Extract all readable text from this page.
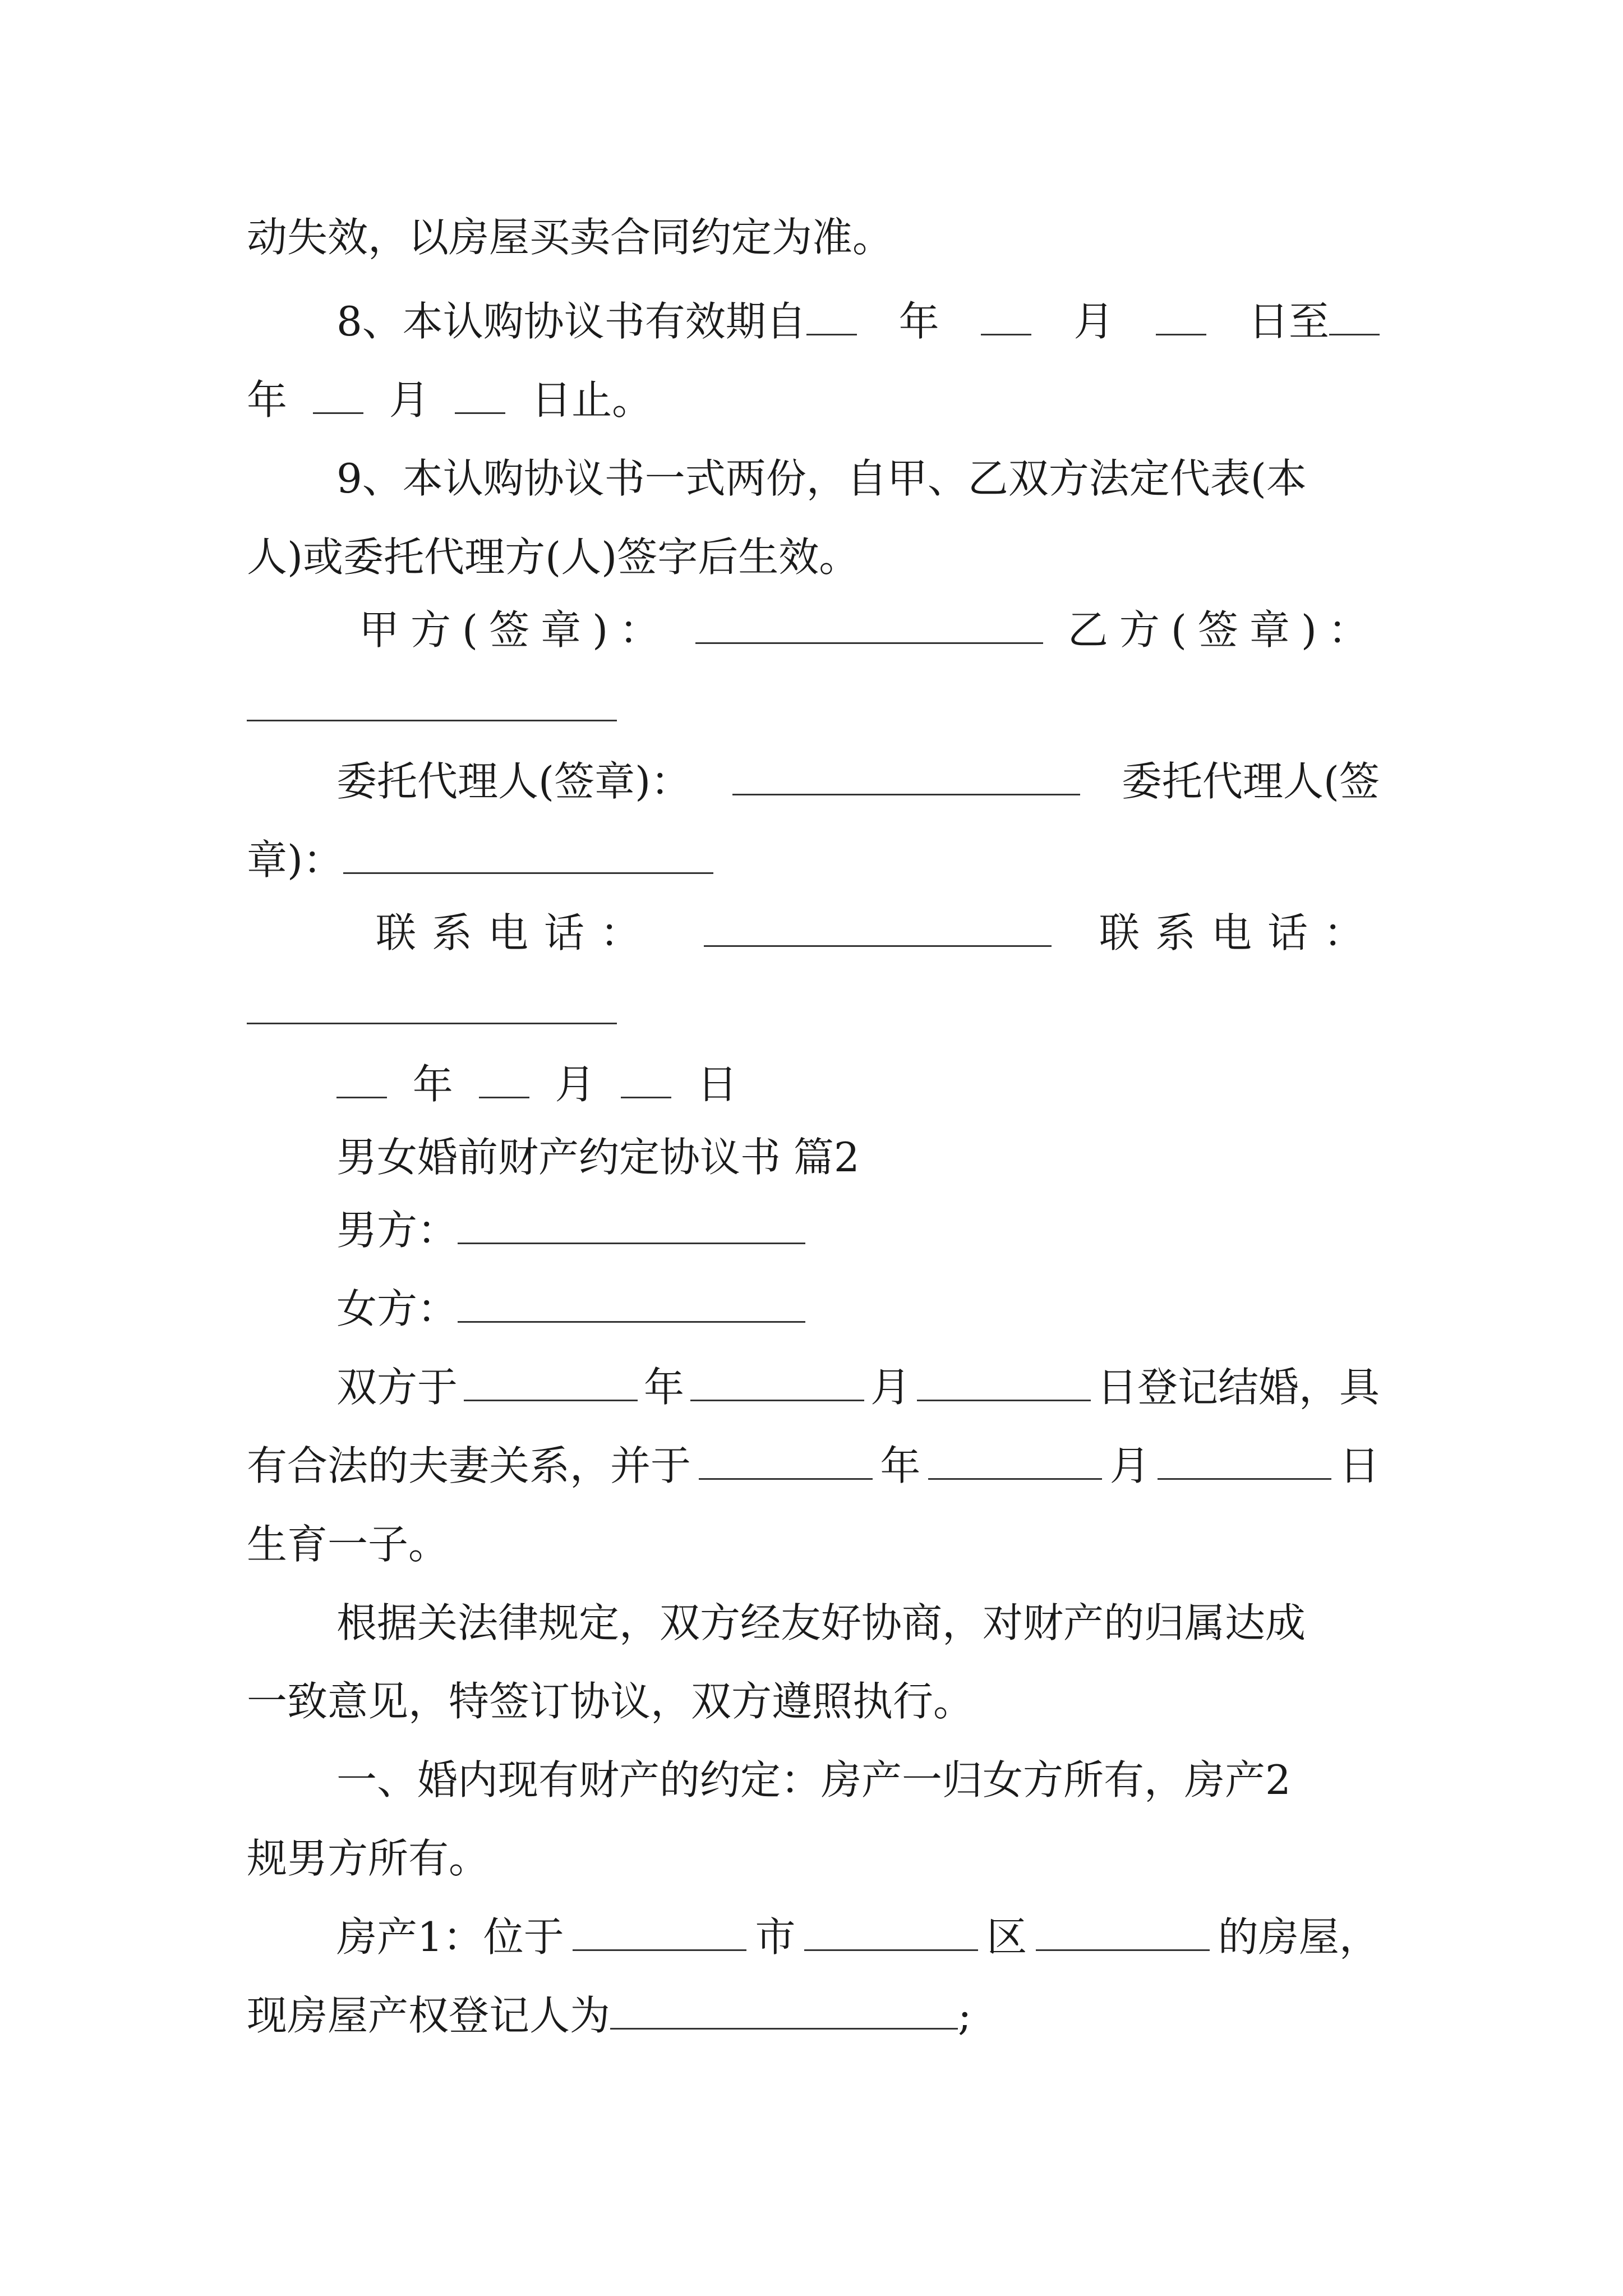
动失效，以房屋买卖合同约定为准。
8、本认购协议书有效期自	年	月	日至
年	月	日止。
9、本认购协议书一式两份，自甲、乙双方法定代表(本
人)或委托代理方(人)签字后生效。
甲方(签章)：	乙方(签章)：
委托代理人(签章)：	委托代理人(签
章)：
联系电话：	联系电话：
年	月	日
男女婚前财产约定协议书 篇2
男方：
女方：
双方于	年	月	日登记结婚，具
有合法的夫妻关系，并于	年	月	日
生育一子。
根据关法律规定，双方经友好协商，对财产的归属达成
一致意见，特签订协议，双方遵照执行。
一、婚内现有财产的约定：房产一归女方所有，房产2
规男方所有。
房产1：位于	市	区	的房屋，
现房屋产权登记人为	;
